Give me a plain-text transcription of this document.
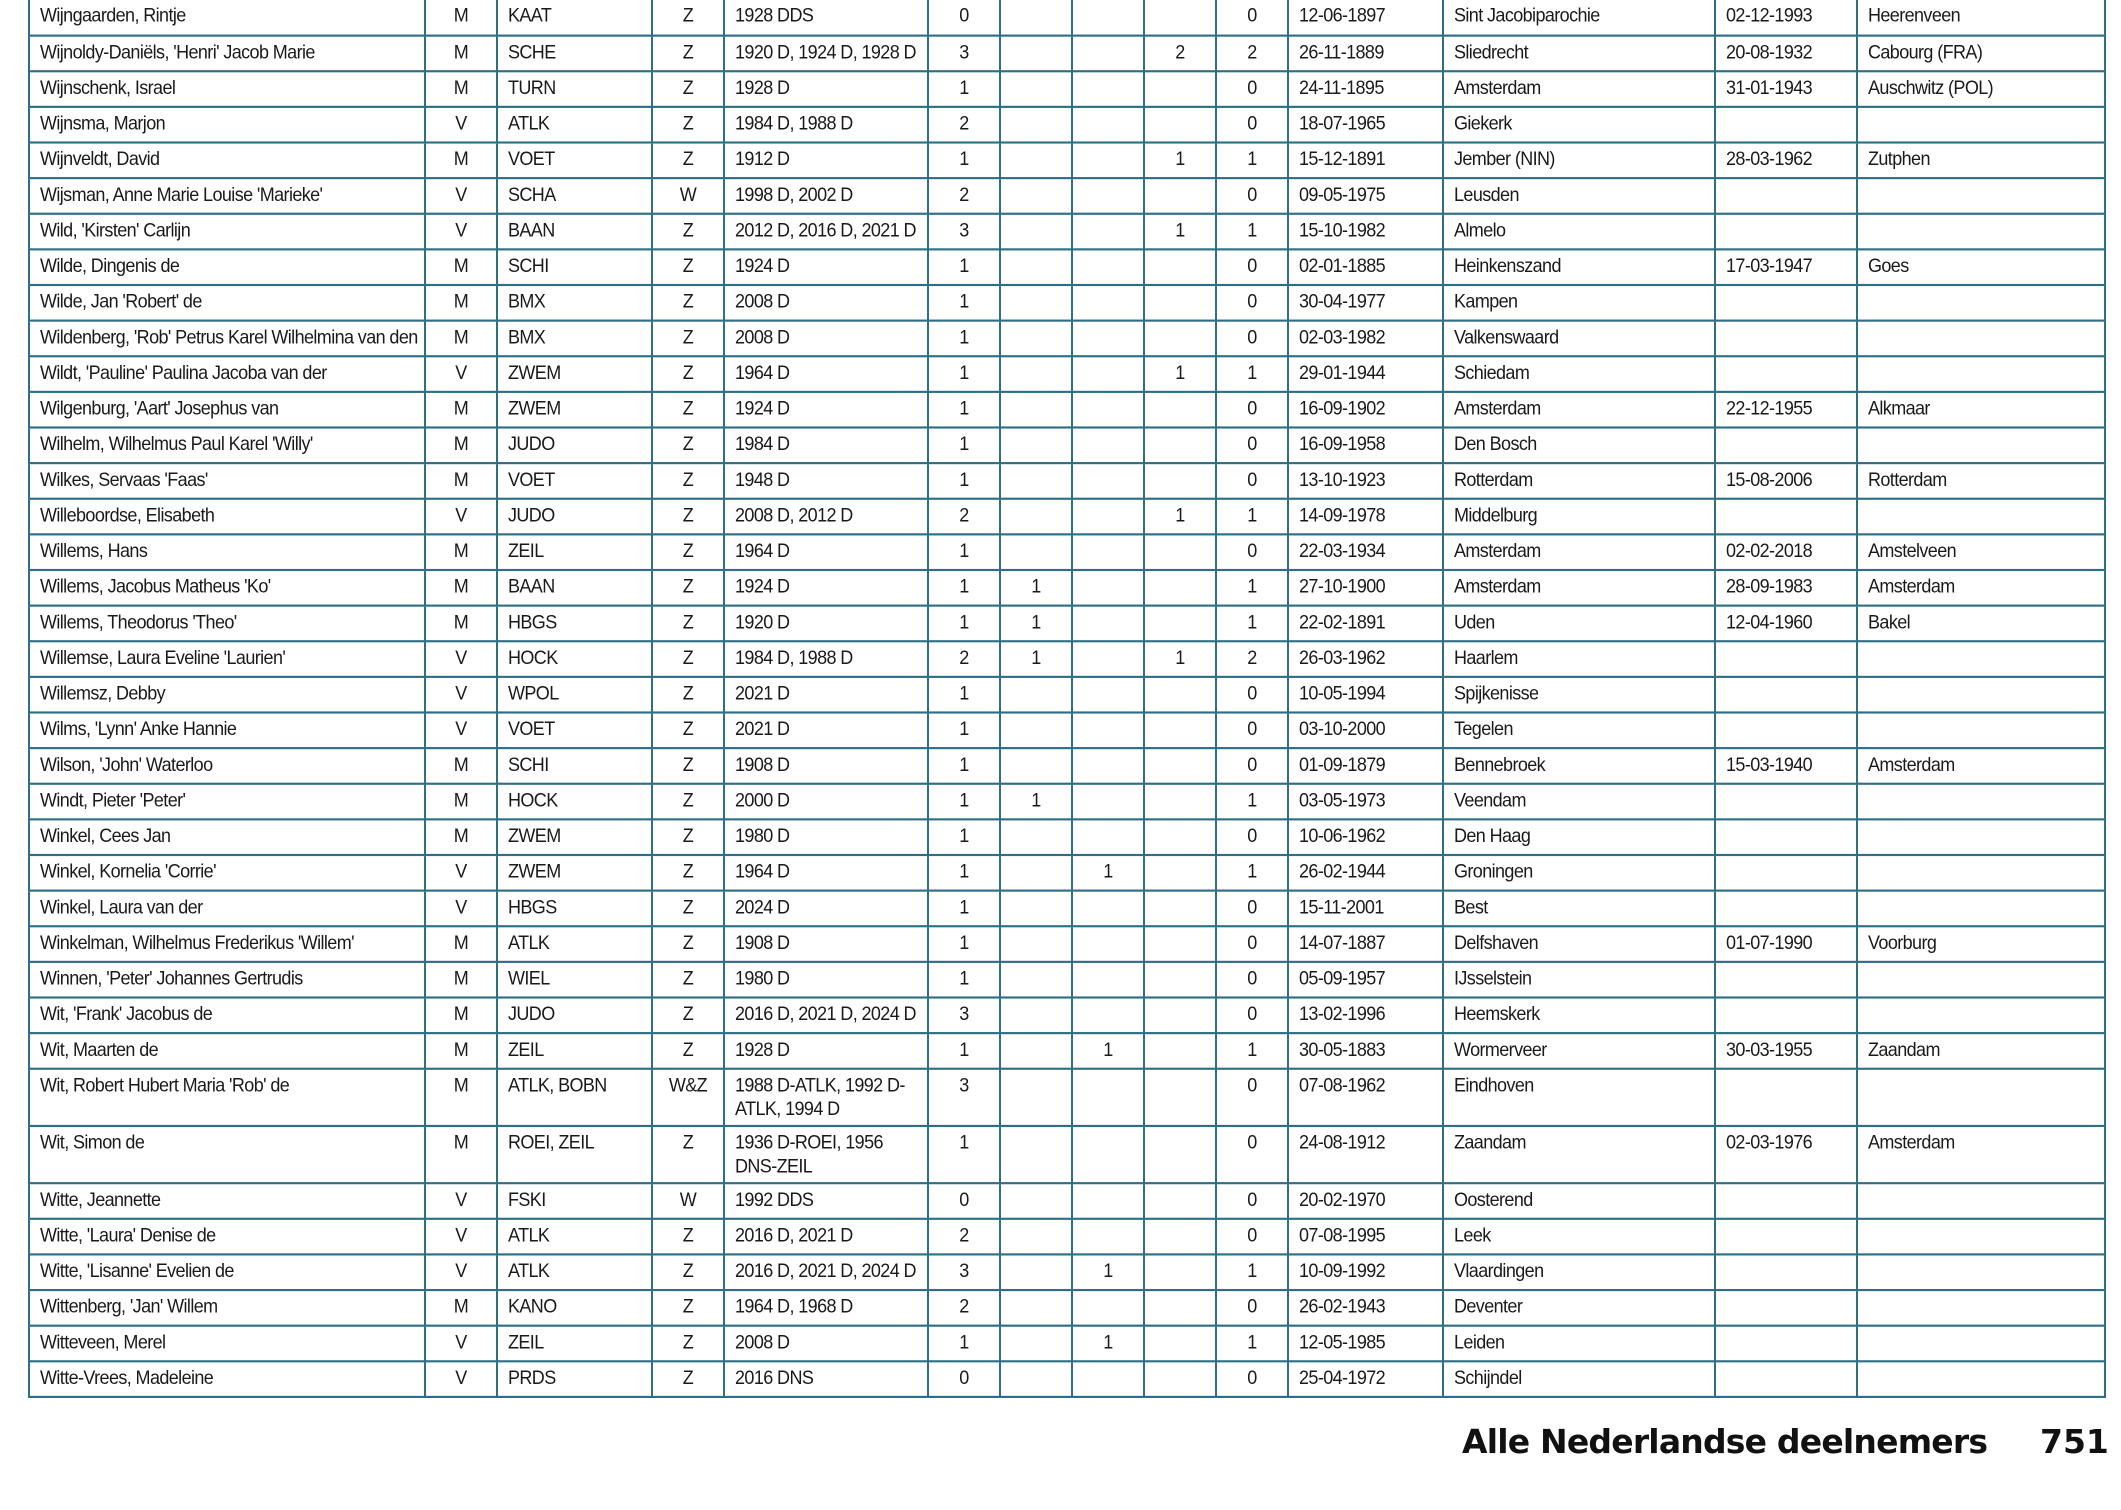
Wijngaarden, Rintje	M	KAAT	Z	1928 DDS	0				0	12-06-1897	Sint Jacobiparochie	02-12-1993	Heerenveen
Wijnoldy-Daniëls, 'Henri' Jacob Marie	M	SCHE	Z	1920 D, 1924 D, 1928 D	3			2	2	26-11-1889	Sliedrecht	20-08-1932	Cabourg (FRA)
Wijnschenk, Israel	M	TURN	Z	1928 D	1				0	24-11-1895	Amsterdam	31-01-1943	Auschwitz (POL)
Wijnsma, Marjon	V	ATLK	Z	1984 D, 1988 D	2				0	18-07-1965	Giekerk		
Wijnveldt, David	M	VOET	Z	1912 D	1			1	1	15-12-1891	Jember (NIN)	28-03-1962	Zutphen
Wijsman, Anne Marie Louise 'Marieke'	V	SCHA	W	1998 D, 2002 D	2				0	09-05-1975	Leusden		
Wild, 'Kirsten' Carlijn	V	BAAN	Z	2012 D, 2016 D, 2021 D	3			1	1	15-10-1982	Almelo		
Wilde, Dingenis de	M	SCHI	Z	1924 D	1				0	02-01-1885	Heinkenszand	17-03-1947	Goes
Wilde, Jan 'Robert' de	M	BMX	Z	2008 D	1				0	30-04-1977	Kampen		
Wildenberg, 'Rob' Petrus Karel Wilhelmina van den	M	BMX	Z	2008 D	1				0	02-03-1982	Valkenswaard		
Wildt, 'Pauline' Paulina Jacoba van der	V	ZWEM	Z	1964 D	1			1	1	29-01-1944	Schiedam		
Wilgenburg, 'Aart' Josephus van	M	ZWEM	Z	1924 D	1				0	16-09-1902	Amsterdam	22-12-1955	Alkmaar
Wilhelm, Wilhelmus Paul Karel 'Willy'	M	JUDO	Z	1984 D	1				0	16-09-1958	Den Bosch		
Wilkes, Servaas 'Faas'	M	VOET	Z	1948 D	1				0	13-10-1923	Rotterdam	15-08-2006	Rotterdam
Willeboordse, Elisabeth	V	JUDO	Z	2008 D, 2012 D	2			1	1	14-09-1978	Middelburg		
Willems, Hans	M	ZEIL	Z	1964 D	1				0	22-03-1934	Amsterdam	02-02-2018	Amstelveen
Willems, Jacobus Matheus 'Ko'	M	BAAN	Z	1924 D	1	1			1	27-10-1900	Amsterdam	28-09-1983	Amsterdam
Willems, Theodorus 'Theo'	M	HBGS	Z	1920 D	1	1			1	22-02-1891	Uden	12-04-1960	Bakel
Willemse, Laura Eveline 'Laurien'	V	HOCK	Z	1984 D, 1988 D	2	1		1	2	26-03-1962	Haarlem		
Willemsz, Debby	V	WPOL	Z	2021 D	1				0	10-05-1994	Spijkenisse		
Wilms, 'Lynn' Anke Hannie	V	VOET	Z	2021 D	1				0	03-10-2000	Tegelen		
Wilson, 'John' Waterloo	M	SCHI	Z	1908 D	1				0	01-09-1879	Bennebroek	15-03-1940	Amsterdam
Windt, Pieter 'Peter'	M	HOCK	Z	2000 D	1	1			1	03-05-1973	Veendam		
Winkel, Cees Jan	M	ZWEM	Z	1980 D	1				0	10-06-1962	Den Haag		
Winkel, Kornelia 'Corrie'	V	ZWEM	Z	1964 D	1		1		1	26-02-1944	Groningen		
Winkel, Laura van der	V	HBGS	Z	2024 D	1				0	15-11-2001	Best		
Winkelman, Wilhelmus Frederikus 'Willem'	M	ATLK	Z	1908 D	1				0	14-07-1887	Delfshaven	01-07-1990	Voorburg
Winnen, 'Peter' Johannes Gertrudis	M	WIEL	Z	1980 D	1				0	05-09-1957	IJsselstein		
Wit, 'Frank' Jacobus de	M	JUDO	Z	2016 D, 2021 D, 2024 D	3				0	13-02-1996	Heemskerk		
Wit, Maarten de	M	ZEIL	Z	1928 D	1		1		1	30-05-1883	Wormerveer	30-03-1955	Zaandam
Wit, Robert Hubert Maria 'Rob' de	M	ATLK, BOBN	W&Z	1988 D-ATLK, 1992 D-ATLK, 1994 D	3				0	07-08-1962	Eindhoven		
Wit, Simon de	M	ROEI, ZEIL	Z	1936 D-ROEI, 1956 DNS-ZEIL	1				0	24-08-1912	Zaandam	02-03-1976	Amsterdam
Witte, Jeannette	V	FSKI	W	1992 DDS	0				0	20-02-1970	Oosterend		
Witte, 'Laura' Denise de	V	ATLK	Z	2016 D, 2021 D	2				0	07-08-1995	Leek		
Witte, 'Lisanne' Evelien de	V	ATLK	Z	2016 D, 2021 D, 2024 D	3		1		1	10-09-1992	Vlaardingen		
Wittenberg, 'Jan' Willem	M	KANO	Z	1964 D, 1968 D	2				0	26-02-1943	Deventer		
Witteveen, Merel	V	ZEIL	Z	2008 D	1		1		1	12-05-1985	Leiden		
Witte-Vrees, Madeleine	V	PRDS	Z	2016 DNS	0				0	25-04-1972	Schijndel		
Alle Nederlandse deelnemers 751
